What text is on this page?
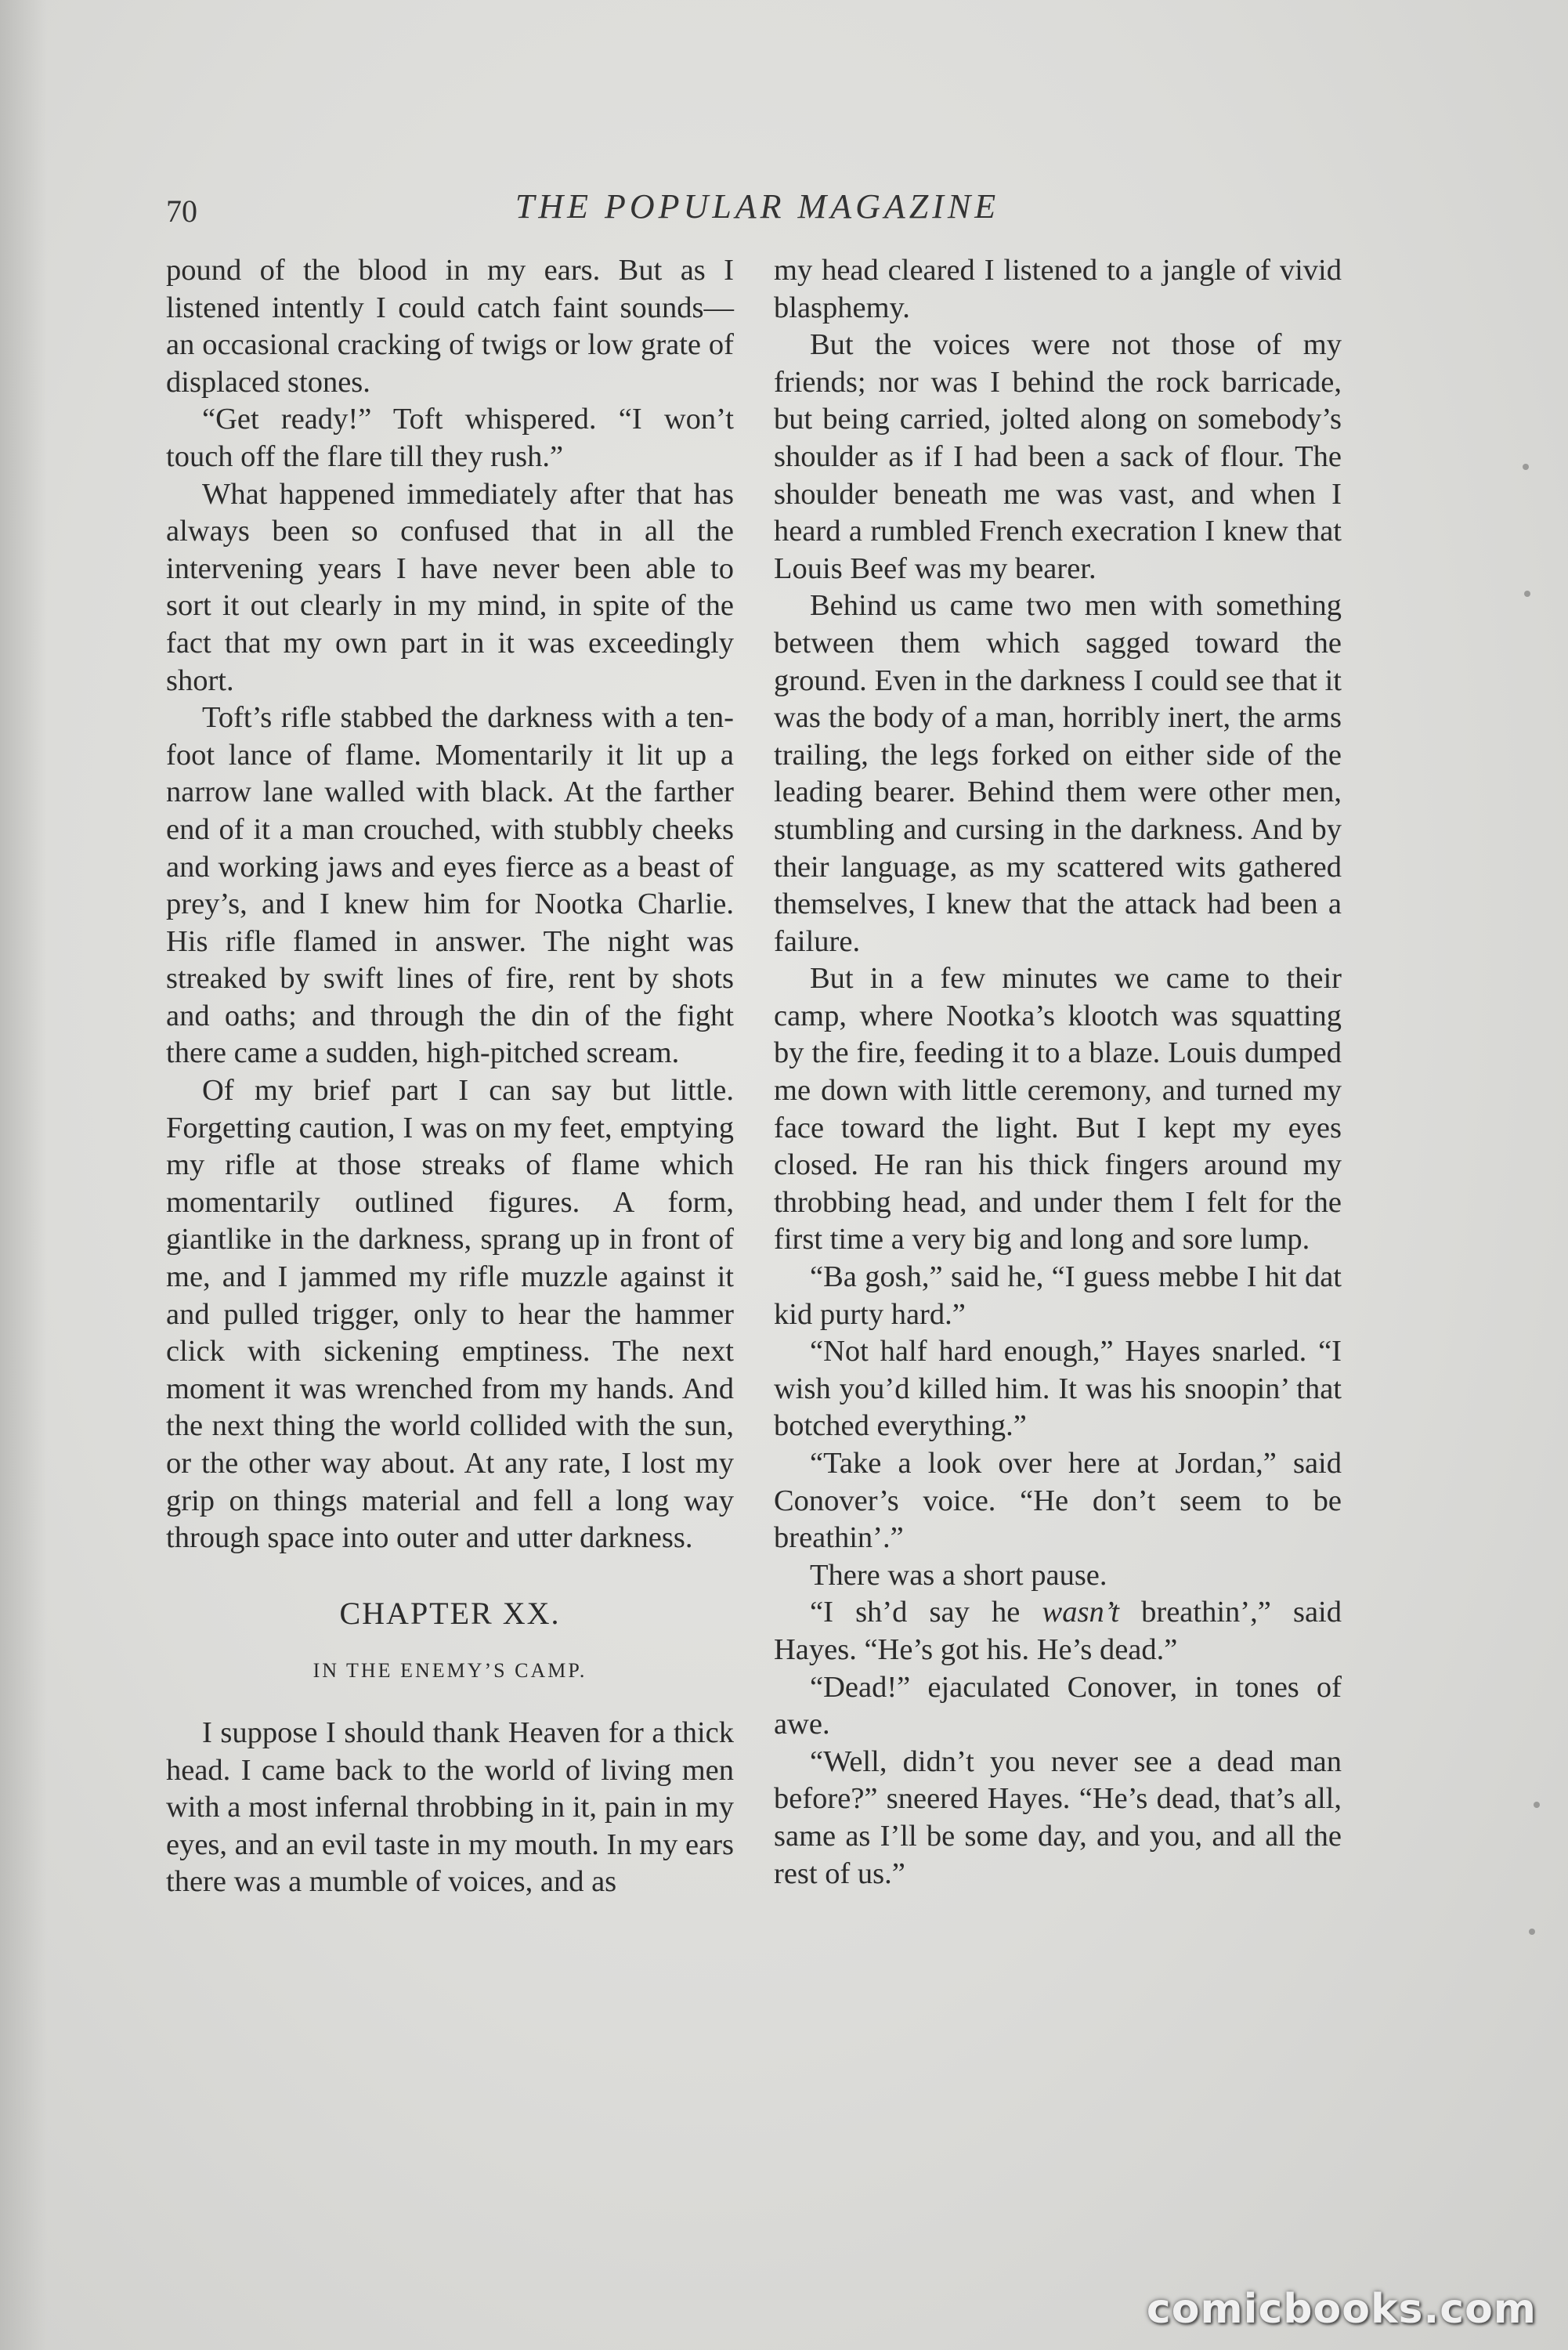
70	THE POPULAR MAGAZINE

pound of the blood in my ears. But as I listened intently I could catch faint sounds—an occasional cracking of twigs or low grate of displaced stones.

“Get ready!” Toft whispered. “I won’t touch off the flare till they rush.”

What happened immediately after that has always been so confused that in all the intervening years I have never been able to sort it out clearly in my mind, in spite of the fact that my own part in it was exceedingly short.

Toft’s rifle stabbed the darkness with a ten-foot lance of flame. Momentarily it lit up a narrow lane walled with black. At the farther end of it a man crouched, with stubbly cheeks and working jaws and eyes fierce as a beast of prey’s, and I knew him for Nootka Charlie. His rifle flamed in answer. The night was streaked by swift lines of fire, rent by shots and oaths; and through the din of the fight there came a sudden, high-pitched scream.

Of my brief part I can say but little. Forgetting caution, I was on my feet, emptying my rifle at those streaks of flame which momentarily outlined figures. A form, giantlike in the darkness, sprang up in front of me, and I jammed my rifle muzzle against it and pulled trigger, only to hear the hammer click with sickening emptiness. The next moment it was wrenched from my hands. And the next thing the world collided with the sun, or the other way about. At any rate, I lost my grip on things material and fell a long way through space into outer and utter darkness.

CHAPTER XX.
IN THE ENEMY’S CAMP.

I suppose I should thank Heaven for a thick head. I came back to the world of living men with a most infernal throbbing in it, pain in my eyes, and an evil taste in my mouth. In my ears there was a mumble of voices, and as

my head cleared I listened to a jangle of vivid blasphemy.

But the voices were not those of my friends; nor was I behind the rock barricade, but being carried, jolted along on somebody’s shoulder as if I had been a sack of flour. The shoulder beneath me was vast, and when I heard a rumbled French execration I knew that Louis Beef was my bearer.

Behind us came two men with something between them which sagged toward the ground. Even in the darkness I could see that it was the body of a man, horribly inert, the arms trailing, the legs forked on either side of the leading bearer. Behind them were other men, stumbling and cursing in the darkness. And by their language, as my scattered wits gathered themselves, I knew that the attack had been a failure.

But in a few minutes we came to their camp, where Nootka’s klootch was squatting by the fire, feeding it to a blaze. Louis dumped me down with little ceremony, and turned my face toward the light. But I kept my eyes closed. He ran his thick fingers around my throbbing head, and under them I felt for the first time a very big and long and sore lump.

“Ba gosh,” said he, “I guess mebbe I hit dat kid purty hard.”

“Not half hard enough,” Hayes snarled. “I wish you’d killed him. It was his snoopin’ that botched everything.”

“Take a look over here at Jordan,” said Conover’s voice. “He don’t seem to be breathin’.”

There was a short pause.

“I sh’d say he wasn’t breathin’,” said Hayes. “He’s got his. He’s dead.”

“Dead!” ejaculated Conover, in tones of awe.

“Well, didn’t you never see a dead man before?” sneered Hayes. “He’s dead, that’s all, same as I’ll be some day, and you, and all the rest of us.”

comicbooks.com
